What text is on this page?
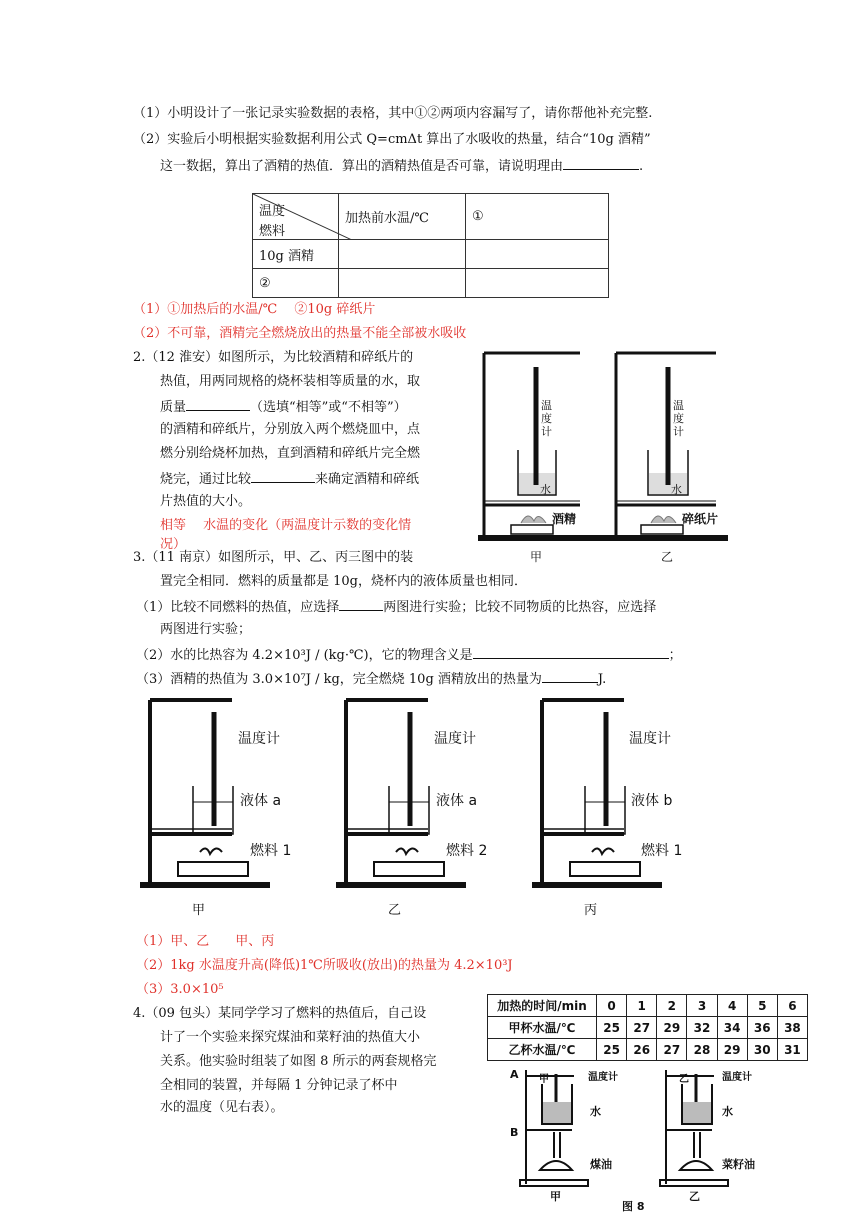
（1）小明设计了一张记录实验数据的表格，其中①②两项内容漏写了，请你帮他补充完整.
（2）实验后小明根据实验数据利用公式 Q=cmΔt 算出了水吸收的热量，结合“10g 酒精”
这一数据，算出了酒精的热值．算出的酒精热值是否可靠，请说明理由	.
温度
燃料	加热前水温/℃	①
10g 酒精		
②		
（1）①加热后的水温/℃　 ②10g 碎纸片
（2）不可靠，酒精完全燃烧放出的热量不能全部被水吸收
2.（12 淮安）如图所示，为比较酒精和碎纸片的
热值，用两同规格的烧杯装相等质量的水，取
质量	（选填“相等”或“不相等”）
的酒精和碎纸片，分别放入两个燃烧皿中，点
燃分别给烧杯加热，直到酒精和碎纸片完全燃
烧完，通过比较	来确定酒精和碎纸
片热值的大小。
相等　 水温的变化（两温度计示数的变化情
况）
温度计
温度计
水	水
酒精	碎纸片
甲	乙
3.（11 南京）如图所示，甲、乙、丙三图中的装
置完全相同．燃料的质量都是 10g，烧杯内的液体质量也相同．
（1）比较不同燃料的热值，应选择	两图进行实验；比较不同物质的比热容，应选择
两图进行实验；
（2）水的比热容为 4.2×10³J / (kg·℃)，它的物理含义是	；
（3）酒精的热值为 3.0×10⁷J / kg，完全燃烧 10g 酒精放出的热量为	J.
温度计	温度计	温度计
液体 a	液体 a	液体 b
燃料 1	燃料 2	燃料 1
甲	乙	丙
（1）甲、乙　　甲、丙
（2）1kg 水温度升高(降低)1℃所吸收(放出)的热量为 4.2×10³J
（3）3.0×10⁵
4.（09 包头）某同学学习了燃料的热值后，自己设
计了一个实验来探究煤油和菜籽油的热值大小
关系。他实验时组装了如图 8 所示的两套规格完
全相同的装置，并每隔 1 分钟记录了杯中
水的温度（见右表）。
加热的时间/min	0	1	2	3	4	5	6
甲杯水温/℃	25	27	29	32	34	36	38
乙杯水温/℃	25	26	27	28	29	30	31
A
B
甲	乙
温度计	温度计
水	水
煤油	菜籽油
甲	乙
图 8
